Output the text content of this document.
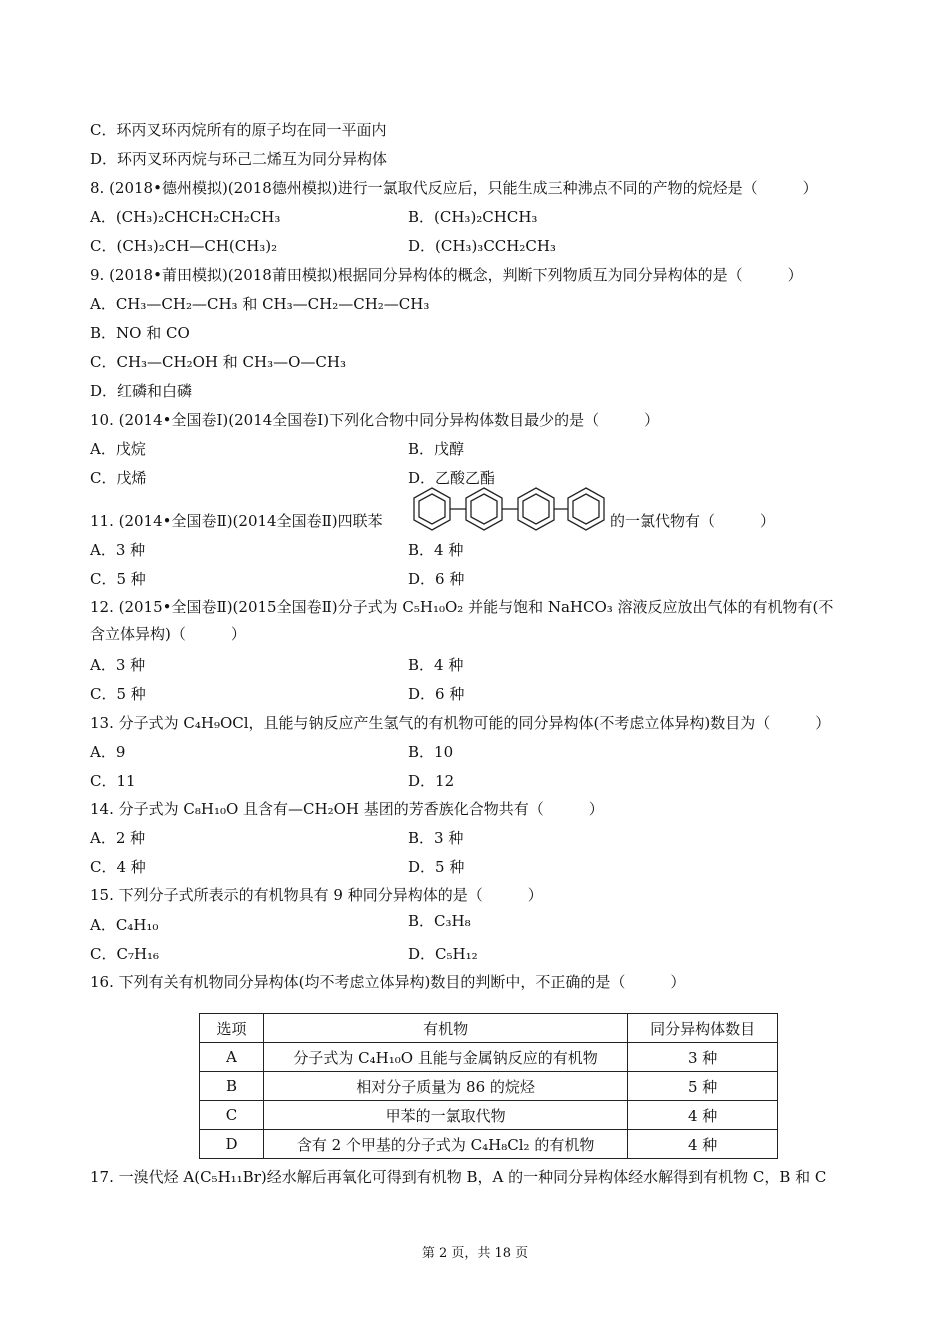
C．环丙叉环丙烷所有的原子均在同一平面内
D．环丙叉环丙烷与环己二烯互为同分异构体
8. (2018•德州模拟)(2018德州模拟)进行一氯取代反应后，只能生成三种沸点不同的产物的烷烃是（　　　）
A．(CH₃)₂CHCH₂CH₂CH₃	B．(CH₃)₂CHCH₃
C．(CH₃)₂CH—CH(CH₃)₂	D．(CH₃)₃CCH₂CH₃
9. (2018•莆田模拟)(2018莆田模拟)根据同分异构体的概念，判断下列物质互为同分异构体的是（　　　）
A．CH₃—CH₂—CH₃ 和 CH₃—CH₂—CH₂—CH₃
B．NO 和 CO
C．CH₃—CH₂OH 和 CH₃—O—CH₃
D．红磷和白磷
10. (2014•全国卷Ⅰ)(2014全国卷Ⅰ)下列化合物中同分异构体数目最少的是（　　　）
A．戊烷	B．戊醇
C．戊烯	D．乙酸乙酯
11. (2014•全国卷Ⅱ)(2014全国卷Ⅱ)四联苯	的一氯代物有（　　　）
A．3 种	B．4 种
C．5 种	D．6 种
12. (2015•全国卷Ⅱ)(2015全国卷Ⅱ)分子式为 C₅H₁₀O₂ 并能与饱和 NaHCO₃ 溶液反应放出气体的有机物有(不
含立体异构)（　　　）
A．3 种	B．4 种
C．5 种	D．6 种
13. 分子式为 C₄H₉OCl，且能与钠反应产生氢气的有机物可能的同分异构体(不考虑立体异构)数目为（　　　）
A．9	B．10
C．11	D．12
14. 分子式为 C₈H₁₀O 且含有—CH₂OH 基团的芳香族化合物共有（　　　）
A．2 种	B．3 种
C．4 种	D．5 种
15. 下列分子式所表示的有机物具有 9 种同分异构体的是（　　　）
A．C₄H₁₀	B．C₃H₈
C．C₇H₁₆	D．C₅H₁₂
16. 下列有关有机物同分异构体(均不考虑立体异构)数目的判断中，不正确的是（　　　）
选项	有机物	同分异构体数目
A	分子式为 C₄H₁₀O 且能与金属钠反应的有机物	3 种
B	相对分子质量为 86 的烷烃	5 种
C	甲苯的一氯取代物	4 种
D	含有 2 个甲基的分子式为 C₄H₈Cl₂ 的有机物	4 种
17. 一溴代烃 A(C₅H₁₁Br)经水解后再氧化可得到有机物 B，A 的一种同分异构体经水解得到有机物 C，B 和 C
第 2 页，共 18 页
